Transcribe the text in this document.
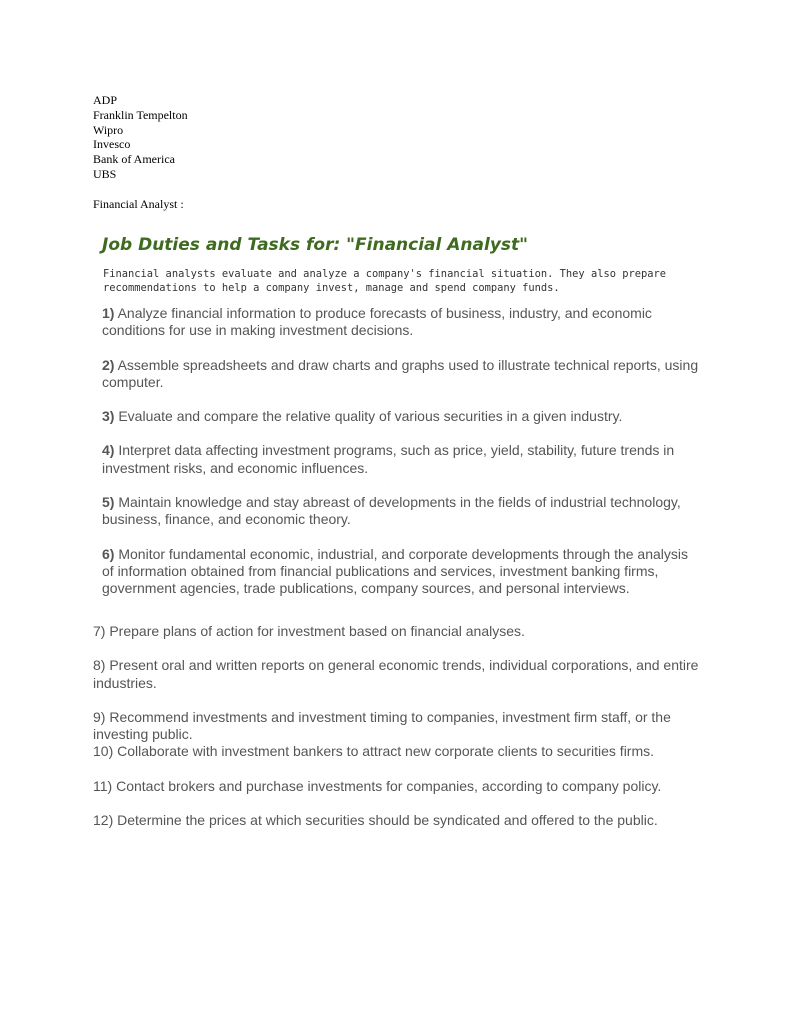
ADP
Franklin Tempelton
Wipro
Invesco
Bank of America
UBS
Financial Analyst :
Job Duties and Tasks for: "Financial Analyst"
Financial analysts evaluate and analyze a company's financial situation. They also prepare recommendations to help a company invest, manage and spend company funds.

1) Analyze financial information to produce forecasts of business, industry, and economic conditions for use in making investment decisions.

2) Assemble spreadsheets and draw charts and graphs used to illustrate technical reports, using computer.

3) Evaluate and compare the relative quality of various securities in a given industry.

4) Interpret data affecting investment programs, such as price, yield, stability, future trends in investment risks, and economic influences.

5) Maintain knowledge and stay abreast of developments in the fields of industrial technology, business, finance, and economic theory.

6) Monitor fundamental economic, industrial, and corporate developments through the analysis of information obtained from financial publications and services, investment banking firms, government agencies, trade publications, company sources, and personal interviews.

7) Prepare plans of action for investment based on financial analyses.

8) Present oral and written reports on general economic trends, individual corporations, and entire industries.

9) Recommend investments and investment timing to companies, investment firm staff, or the investing public.

10) Collaborate with investment bankers to attract new corporate clients to securities firms.

11) Contact brokers and purchase investments for companies, according to company policy.

12) Determine the prices at which securities should be syndicated and offered to the public.
